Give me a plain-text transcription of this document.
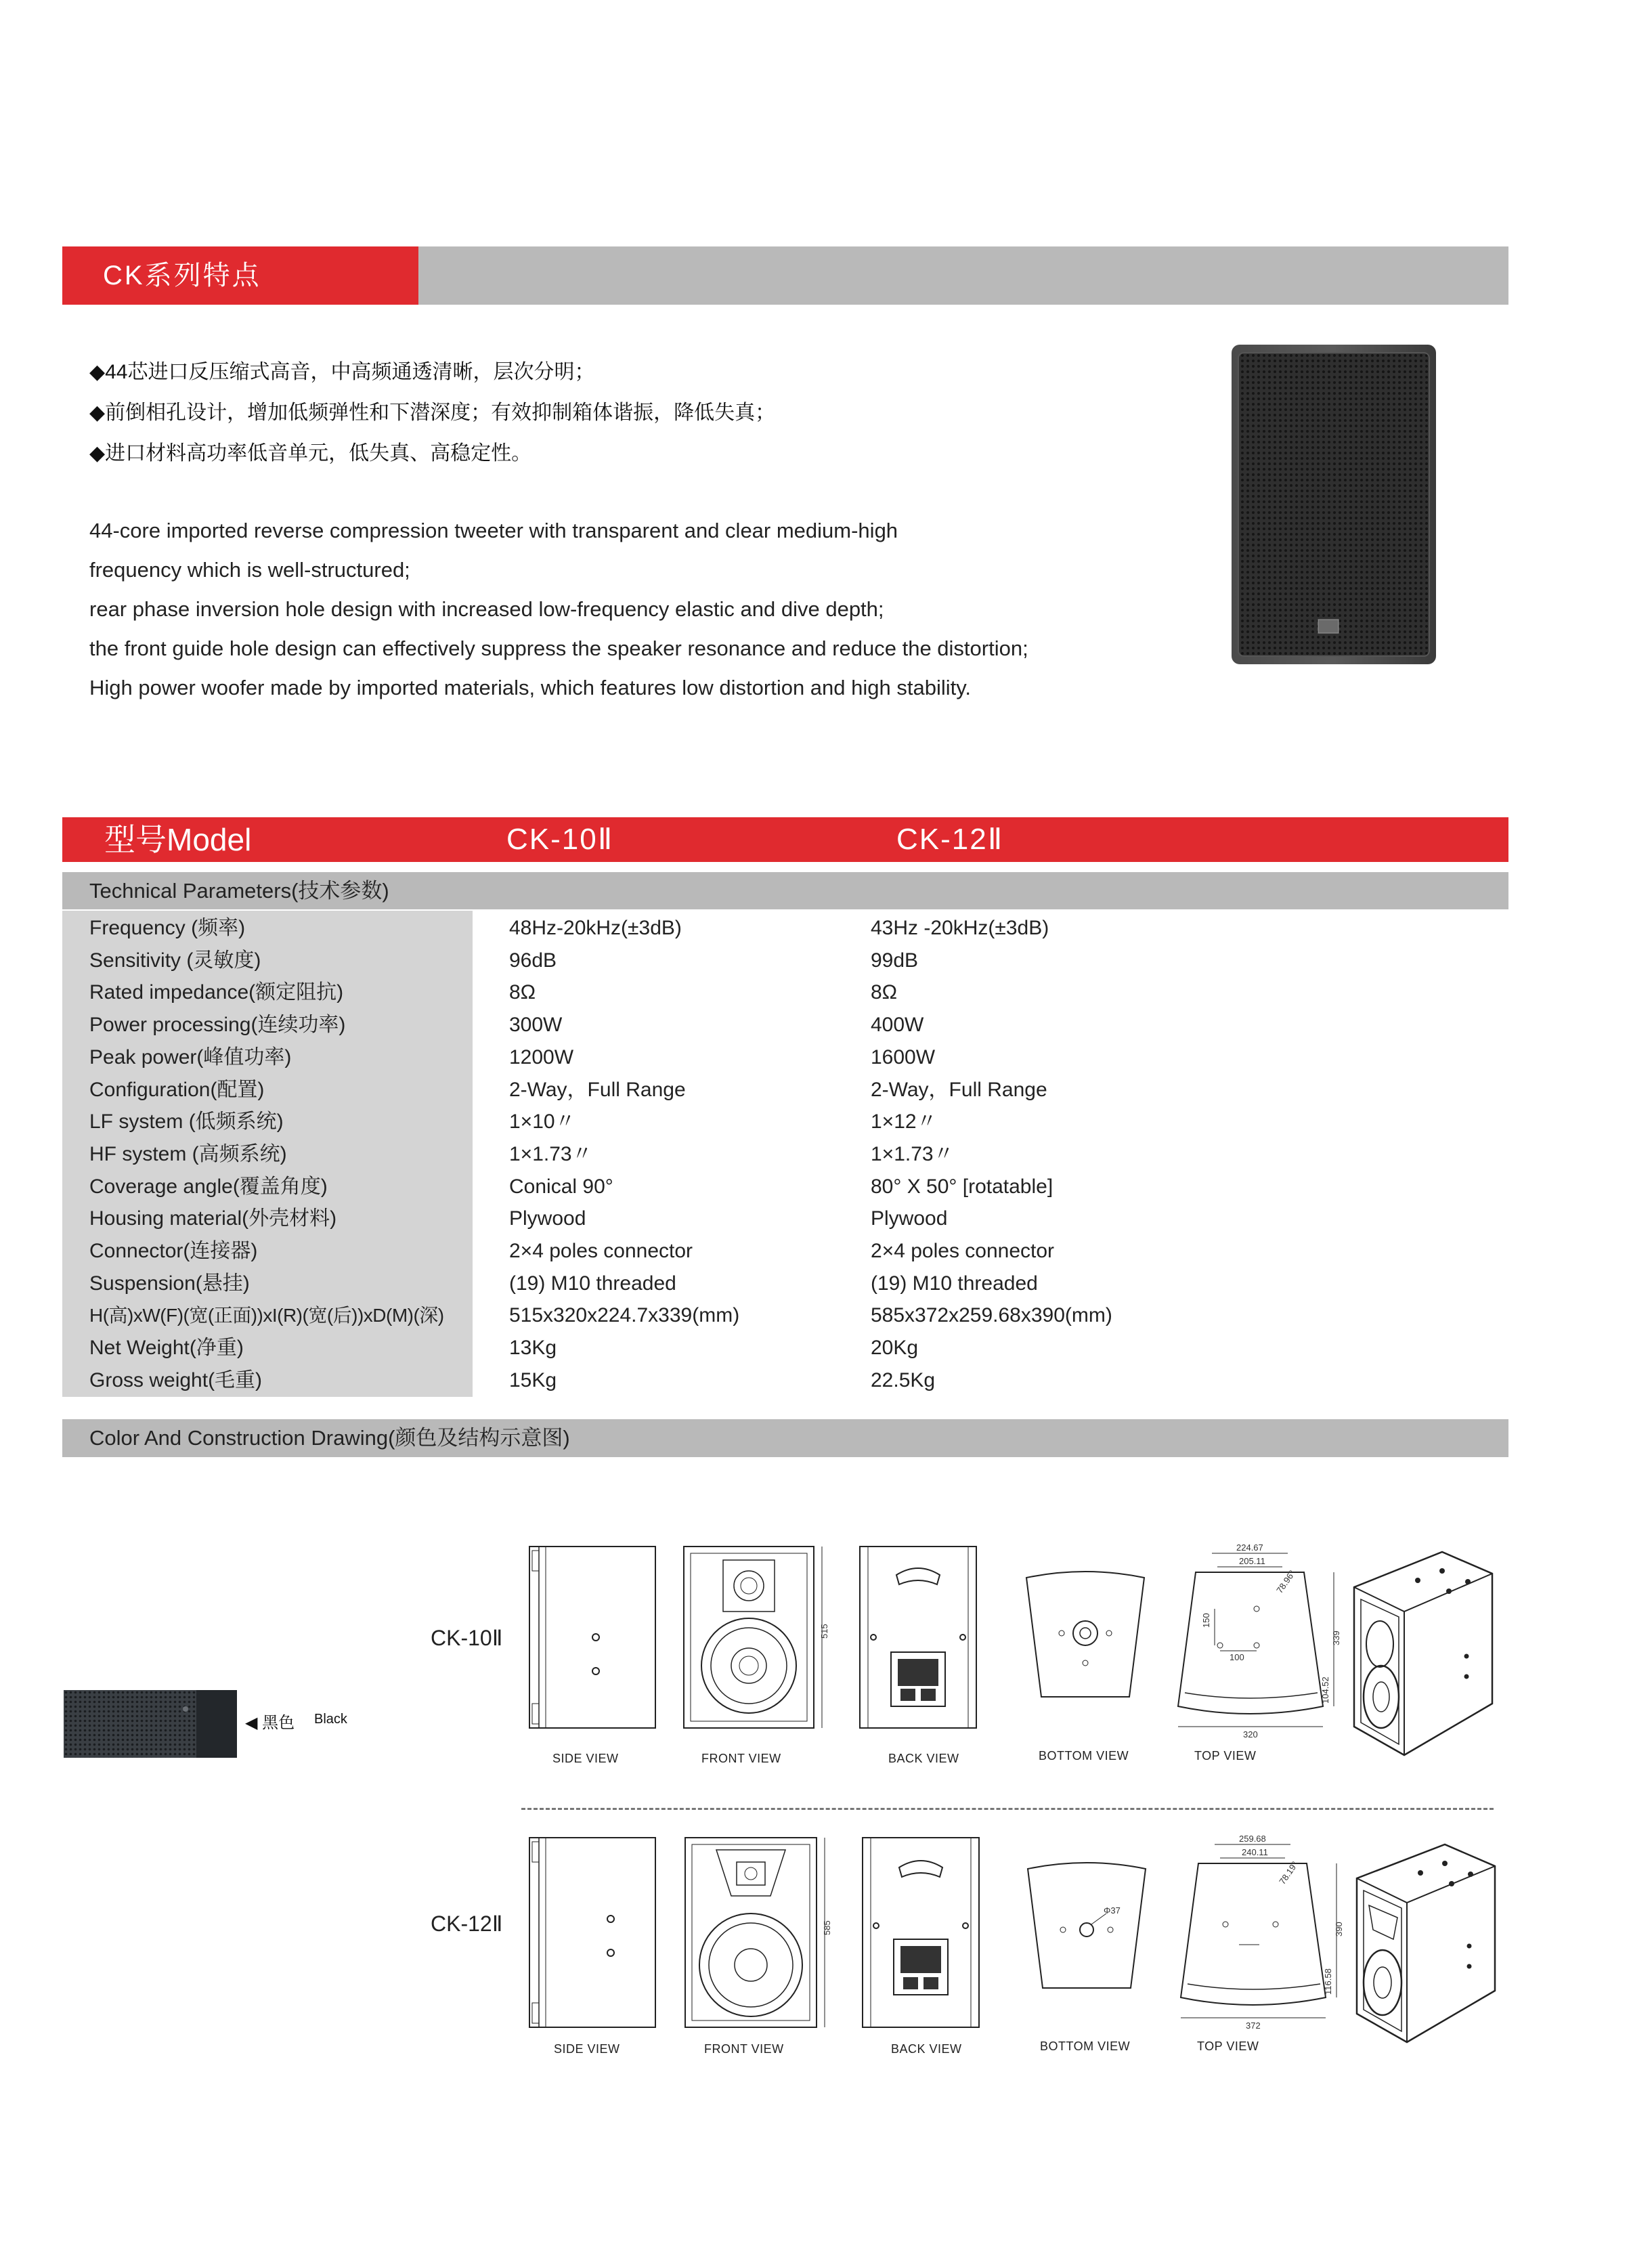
CK系列特点
◆44芯进口反压缩式高音，中高频通透清晰，层次分明；
◆前倒相孔设计，增加低频弹性和下潜深度；有效抑制箱体谐振，降低失真；
◆进口材料高功率低音单元，低失真、高稳定性。
44-core imported reverse compression tweeter with transparent and clear medium-high
frequency which is well-structured;
rear phase inversion hole design with increased low-frequency elastic and dive depth;
the front guide hole design can effectively suppress the speaker resonance and reduce the distortion;
High power woofer made by imported materials, which features low distortion and high stability.
型号Model	CK-10Ⅱ	CK-12Ⅱ
Technical Parameters(技术参数)
Frequency (频率)	48Hz-20kHz(±3dB)	43Hz -20kHz(±3dB)
Sensitivity (灵敏度)	96dB	99dB
Rated impedance(额定阻抗)	8Ω	8Ω
Power processing(连续功率)	300W	400W
Peak power(峰值功率)	1200W	1600W
Configuration(配置)	2-Way，Full Range	2-Way，Full Range
LF system (低频系统)	1×10〃	1×12〃
HF system (高频系统)	1×1.73〃	1×1.73〃
Coverage angle(覆盖角度)	Conical 90°	80° X 50° [rotatable]
Housing material(外壳材料)	Plywood	Plywood
Connector(连接器)	2×4 poles connector	2×4 poles connector
Suspension(悬挂)	(19) M10 threaded	(19) M10 threaded
H(高)xW(F)(宽(正面))xI(R)(宽(后))xD(M)(深)	515x320x224.7x339(mm)	585x372x259.68x390(mm)
Net Weight(净重)	13Kg	20Kg
Gross weight(毛重)	15Kg	22.5Kg
Color And Construction Drawing(颜色及结构示意图)
◀ 黑色 Black
CK-10Ⅱ
CK-12Ⅱ
515
224.67
205.11
150
100
78.96°
339
104.52
320
SIDE VIEW	FRONT VIEW	BACK VIEW	BOTTOM VIEW	TOP VIEW
585
Φ37
259.68
240.11
78.19°
390
116.58
372
SIDE VIEW	FRONT VIEW	BACK VIEW	BOTTOM VIEW	TOP VIEW
